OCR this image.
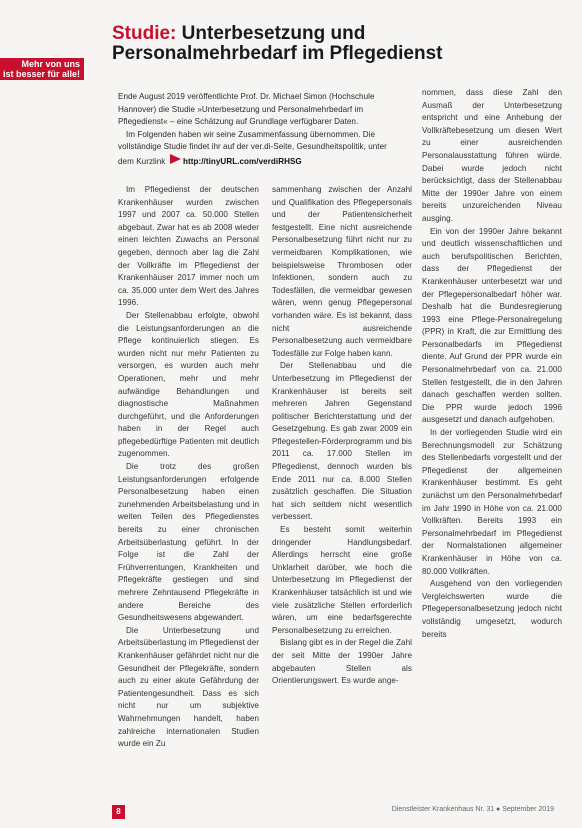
Mehr von uns
ist besser für alle!
Studie: Unterbesetzung und
Personalmehrbedarf im Pflegedienst

Ende August 2019 veröffentlichte Prof. Dr. Michael Simon (Hochschule Hannover) die Studie »Unterbesetzung und Personalmehrbedarf im Pflegedienst« – eine Schätzung auf Grundlage verfügbarer Daten.

Im Folgenden haben wir seine Zusammenfassung übernommen. Die vollständige Studie findet ihr auf der ver.di-Seite, Gesundheitspolitik, unter dem Kurzlink http://tinyURL.com/verdiRHSG

Im Pflegedienst der deutschen Krankenhäuser wurden zwischen 1997 und 2007 ca. 50.000 Stellen abgebaut. Zwar hat es ab 2008 wieder einen leichten Zuwachs an Personal gegeben, dennoch aber lag die Zahl der Vollkräfte im Pflegedienst der Krankenhäuser 2017 immer noch um ca. 35.000 unter dem Wert des Jahres 1996.

Der Stellenabbau erfolgte, obwohl die Leistungsanforderungen an die Pflege kontinuierlich stiegen. Es wurden nicht nur mehr Patienten zu versorgen, es wurden auch mehr Operationen, mehr und mehr aufwändige Behandlungen und diagnostische Maßnahmen durchgeführt, und die Anforderungen haben in der Regel auch pflegebedürftige Patienten mit deutlich zugenommen.

Die trotz des großen Leistungsanforderungen erfolgende Personalbesetzung haben einen zunehmenden Arbeitsbelastung und in weiten Teilen des Pflegedienstes bereits zu einer chronischen Arbeitsüberlastung geführt. In der Folge ist die Zahl der Frühverrentungen, Krankheiten und Pflegekräfte gestiegen und sind mehrere Zehntausend Pflegekräfte in andere Bereiche des Gesundheitswesens abgewandert.

Die Unterbesetzung und Arbeitsüberlastung im Pflegedienst der Krankenhäuser gefährdet nicht nur die Gesundheit der Pflegekräfte, sondern auch zu einer akute Gefährdung der Patientengesundheit. Dass es sich nicht nur um subjektive Wahrnehmungen handelt, haben zahlreiche internationalen Studien wurde ein Zu

sammenhang zwischen der Anzahl und Qualifikation des Pflegepersonals und der Patientensicherheit festgestellt. Eine nicht ausreichende Personalbesetzung führt nicht nur zu vermeidbaren Komplikationen, wie beispielsweise Thrombosen oder Infektionen, sondern auch zu Todesfällen, die vermeidbar gewesen wären, wenn genug Pflegepersonal vorhanden wäre. Es ist bekannt, dass nicht ausreichende Personalbesetzung auch vermeidbare Todesfälle zur Folge haben kann.

Der Stellenabbau und die Unterbesetzung im Pflegedienst der Krankenhäuser ist bereits seit mehreren Jahren Gegenstand politischer Berichterstattung und der Gesetzgebung. Es gab zwar 2009 ein Pflegestellen-Förderprogramm und bis 2011 ca. 17.000 Stellen im Pflegedienst, dennoch wurden bis Ende 2011 nur ca. 8.000 Stellen zusätzlich geschaffen. Die Situation hat sich seitdem nicht wesentlich verbessert.

Es besteht somit weiterhin dringender Handlungsbedarf. Allerdings herrscht eine große Unklarheit darüber, wie hoch die Unterbesetzung im Pflegedienst der Krankenhäuser tatsächlich ist und wie viele zusätzliche Stellen erforderlich wären, um eine bedarfsgerechte Personalbesetzung zu erreichen.

Bislang gibt es in der Regel die Zahl der seit Mitte der 1990er Jahre abgebauten Stellen als Orientierungswert. Es wurde ange-

nommen, dass diese Zahl den Ausmaß der Unterbesetzung entspricht und eine Anhebung der Vollkräftebesetzung um diesen Wert zu einer ausreichenden Personalausstattung führen würde. Dabei wurde jedoch nicht berücksichtigt, dass der Stellenabbau Mitte der 1990er Jahre von einem bereits unzureichenden Niveau ausging.

Ein von der 1990er Jahre bekannt und deutlich wissenschaftlichen und auch berufspolitischen Berichten, dass der Pflegedienst der Krankenhäuser unterbesetzt war und der Pflegepersonalbedarf höher war. Deshalb hat die Bundesregierung 1993 eine Pflege-Personalregelung (PPR) in Kraft, die zur Ermittlung des Personalbedarfs im Pflegedienst diente. Auf Grund der PPR wurde ein Personalmehrbedarf von ca. 21.000 Stellen festgestellt, die in den Jahren danach geschaffen werden sollten. Die PPR wurde jedoch 1996 ausgesetzt und danach aufgehoben.

In der vorliegenden Studie wird ein Berechnungsmodell zur Schätzung des Stellenbedarfs vorgestellt und der Pflegedienst der allgemeinen Krankenhäuser bestimmt. Es geht zunächst um den Personalmehrbedarf im Jahr 1990 in Höhe von ca. 21.000 Vollkräften. Bereits 1993 ein Personalmehrbedarf im Pflegedienst der Normalstationen allgemeiner Krankenhäuser in Höhe von ca. 80.000 Vollkräften.

Ausgehend von den vorliegenden Vergleichswerten wurde die Pflegepersonalbesetzung jedoch nicht vollständig umgesetzt, wodurch bereits

8	Dienstleister Krankenhaus Nr. 31 ● September 2019
